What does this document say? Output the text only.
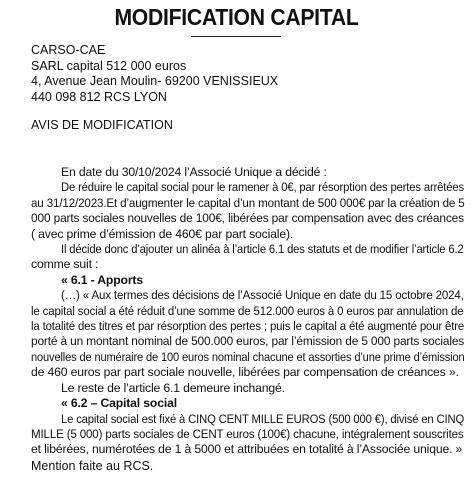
MODIFICATION CAPITAL
CARSO-CAE
SARL capital 512 000 euros
4, Avenue Jean Moulin- 69200 VENISSIEUX
440 098 812 RCS LYON
AVIS DE MODIFICATION
En date du 30/10/2024 l’Associé Unique a décidé :
De réduire le capital social pour le ramener à 0€, par résorption des pertes arrêtées
au 31/12/2023.Et d’augmenter le capital d’un montant de 500 000€ par la création de 5
000 parts sociales nouvelles de 100€, libérées par compensation avec des créances
( avec prime d’émission de 460€ par part sociale).
Il décide donc d’ajouter un alinéa à l’article 6.1 des statuts et de modifier l’article 6.2
comme suit :
« 6.1 - Apports
(…) « Aux termes des décisions de l’Associé Unique en date du 15 octobre 2024,
le capital social a été réduit d’une somme de 512.000 euros à 0 euros par annulation de
la totalité des titres et par résorption des pertes ; puis le capital a été augmenté pour être
porté à un montant nominal de 500.000 euros, par l’émission de 5 000 parts sociales
nouvelles de numéraire de 100 euros nominal chacune et assorties d’une prime d’émission
de 460 euros par part sociale nouvelle, libérées par compensation de créances ».
Le reste de l’article 6.1 demeure inchangé.
« 6.2 – Capital social
Le capital social est fixé à CINQ CENT MILLE EUROS (500 000 €), divisé en CINQ
MILLE (5 000) parts sociales de CENT euros (100€) chacune, intégralement souscrites
et libérées, numérotées de 1 à 5000 et attribuées en totalité à l’Associée unique. »
Mention faite au RCS.
